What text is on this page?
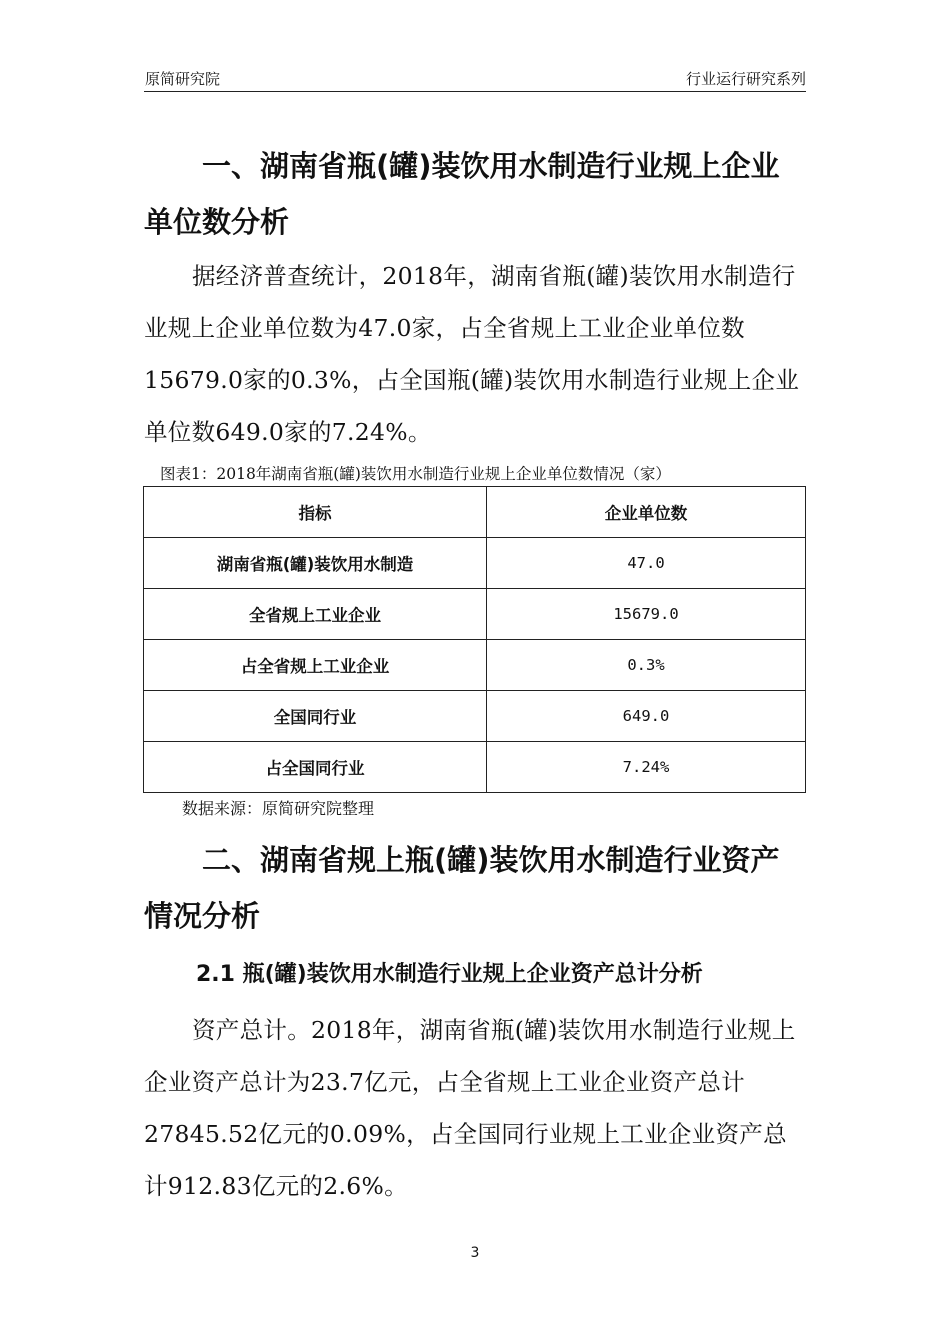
原简研究院	行业运行研究系列
一、湖南省瓶(罐)装饮用水制造行业规上企业单位数分析
据经济普查统计，2018年，湖南省瓶(罐)装饮用水制造行业规上企业单位数为47.0家，占全省规上工业企业单位数15679.0家的0.3%，占全国瓶(罐)装饮用水制造行业规上企业单位数649.0家的7.24%。
图表1：2018年湖南省瓶(罐)装饮用水制造行业规上企业单位数情况（家）
指标	企业单位数
湖南省瓶(罐)装饮用水制造	47.0
全省规上工业企业	15679.0
占全省规上工业企业	0.3%
全国同行业	649.0
占全国同行业	7.24%
数据来源：原简研究院整理
二、湖南省规上瓶(罐)装饮用水制造行业资产情况分析
2.1 瓶(罐)装饮用水制造行业规上企业资产总计分析
资产总计。2018年，湖南省瓶(罐)装饮用水制造行业规上企业资产总计为23.7亿元，占全省规上工业企业资产总计27845.52亿元的0.09%，占全国同行业规上工业企业资产总计912.83亿元的2.6%。
3
